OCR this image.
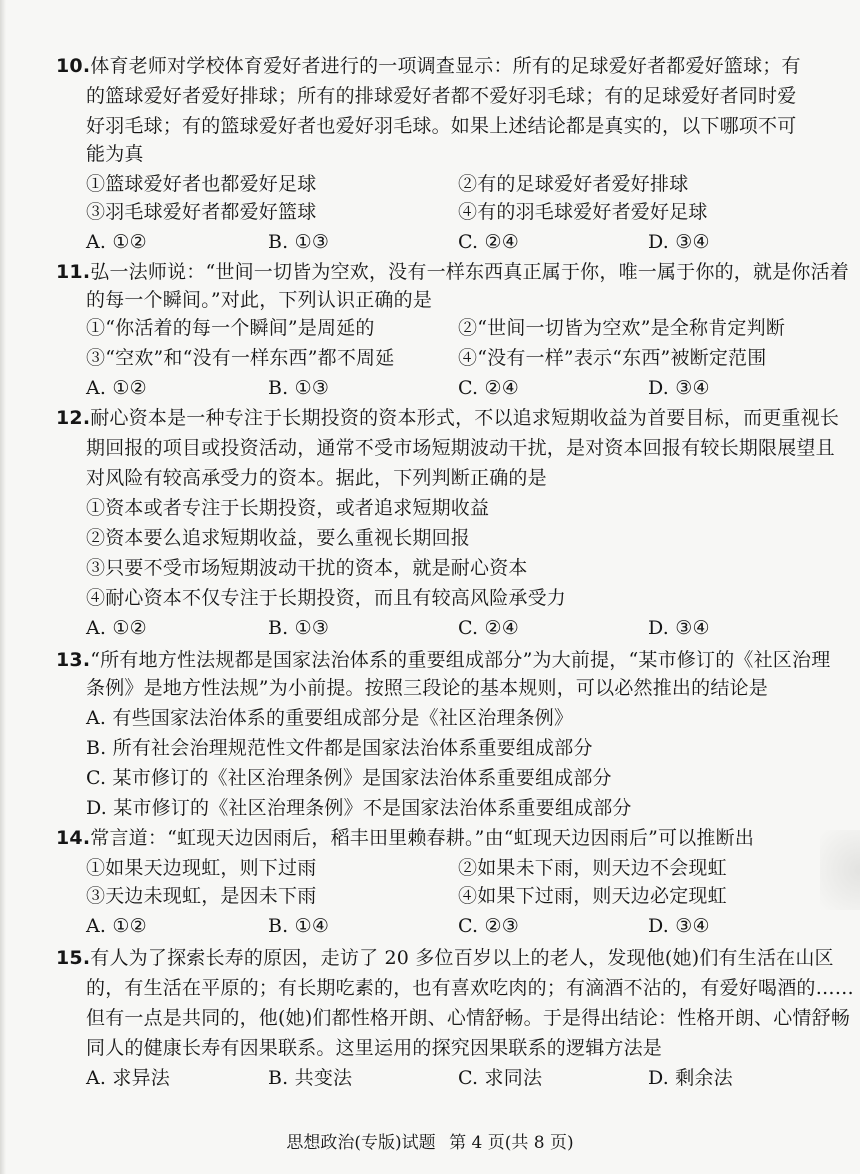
10.体育老师对学校体育爱好者进行的一项调查显示：所有的足球爱好者都爱好篮球；有
的篮球爱好者爱好排球；所有的排球爱好者都不爱好羽毛球；有的足球爱好者同时爱
好羽毛球；有的篮球爱好者也爱好羽毛球。如果上述结论都是真实的，以下哪项不可
能为真
①篮球爱好者也都爱好足球	②有的足球爱好者爱好排球
③羽毛球爱好者都爱好篮球	④有的羽毛球爱好者爱好足球
A. ①②	B. ①③	C. ②④	D. ③④
11.弘一法师说：“世间一切皆为空欢，没有一样东西真正属于你，唯一属于你的，就是你活着
的每一个瞬间。”对此，下列认识正确的是
①“你活着的每一个瞬间”是周延的	②“世间一切皆为空欢”是全称肯定判断
③“空欢”和“没有一样东西”都不周延	④“没有一样”表示“东西”被断定范围
A. ①②	B. ①③	C. ②④	D. ③④
12.耐心资本是一种专注于长期投资的资本形式，不以追求短期收益为首要目标，而更重视长
期回报的项目或投资活动，通常不受市场短期波动干扰，是对资本回报有较长期限展望且
对风险有较高承受力的资本。据此，下列判断正确的是
①资本或者专注于长期投资，或者追求短期收益
②资本要么追求短期收益，要么重视长期回报
③只要不受市场短期波动干扰的资本，就是耐心资本
④耐心资本不仅专注于长期投资，而且有较高风险承受力
A. ①②	B. ①③	C. ②④	D. ③④
13.“所有地方性法规都是国家法治体系的重要组成部分”为大前提，“某市修订的《社区治理
条例》是地方性法规”为小前提。按照三段论的基本规则，可以必然推出的结论是
A. 有些国家法治体系的重要组成部分是《社区治理条例》
B. 所有社会治理规范性文件都是国家法治体系重要组成部分
C. 某市修订的《社区治理条例》是国家法治体系重要组成部分
D. 某市修订的《社区治理条例》不是国家法治体系重要组成部分
14.常言道：“虹现天边因雨后，稻丰田里赖春耕。”由“虹现天边因雨后”可以推断出
①如果天边现虹，则下过雨	②如果未下雨，则天边不会现虹
③天边未现虹，是因未下雨	④如果下过雨，则天边必定现虹
A. ①②	B. ①④	C. ②③	D. ③④
15.有人为了探索长寿的原因，走访了 20 多位百岁以上的老人，发现他(她)们有生活在山区
的，有生活在平原的；有长期吃素的，也有喜欢吃肉的；有滴酒不沾的，有爱好喝酒的……
但有一点是共同的，他(她)们都性格开朗、心情舒畅。于是得出结论：性格开朗、心情舒畅
同人的健康长寿有因果联系。这里运用的探究因果联系的逻辑方法是
A. 求异法	B. 共变法	C. 求同法	D. 剩余法
思想政治(专版)试题 第 4 页(共 8 页)
